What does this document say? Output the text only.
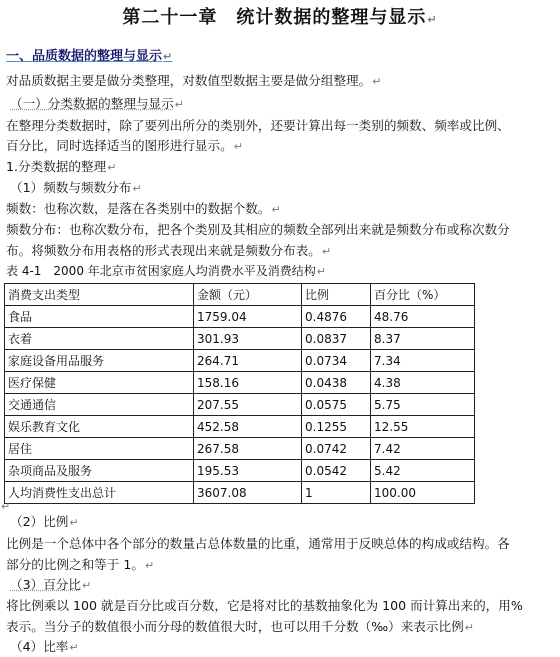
第二十一章　统计数据的整理与显示↵
一、品质数据的整理与显示↵
对品质数据主要是做分类整理，对数值型数据主要是做分组整理。↵
（一）分类数据的整理与显示↵
在整理分类数据时，除了要列出所分的类别外，还要计算出每一类别的频数、频率或比例、
百分比，同时选择适当的图形进行显示。↵
1.分类数据的整理↵
（1）频数与频数分布↵
频数：也称次数，是落在各类别中的数据个数。↵
频数分布：也称次数分布，把各个类别及其相应的频数全部列出来就是频数分布或称次数分
布。将频数分布用表格的形式表现出来就是频数分布表。↵
表 4-1　2000 年北京市贫困家庭人均消费水平及消费结构↵
消费支出类型	金额（元）	比例	百分比（%）
食品	1759.04	0.4876	48.76
衣着	301.93	0.0837	8.37
家庭设备用品服务	264.71	0.0734	7.34
医疗保健	158.16	0.0438	4.38
交通通信	207.55	0.0575	5.75
娱乐教育文化	452.58	0.1255	12.55
居住	267.58	0.0742	7.42
杂项商品及服务	195.53	0.0542	5.42
人均消费性支出总计	3607.08	1	100.00
↵
（2）比例↵
比例是一个总体中各个部分的数量占总体数量的比重，通常用于反映总体的构成或结构。各
部分的比例之和等于 1。↵
（3）百分比↵
将比例乘以 100 就是百分比或百分数，它是将对比的基数抽象化为 100 而计算出来的，用%
表示。当分子的数值很小而分母的数值很大时，也可以用千分数（‰）来表示比例↵
（4）比率↵
